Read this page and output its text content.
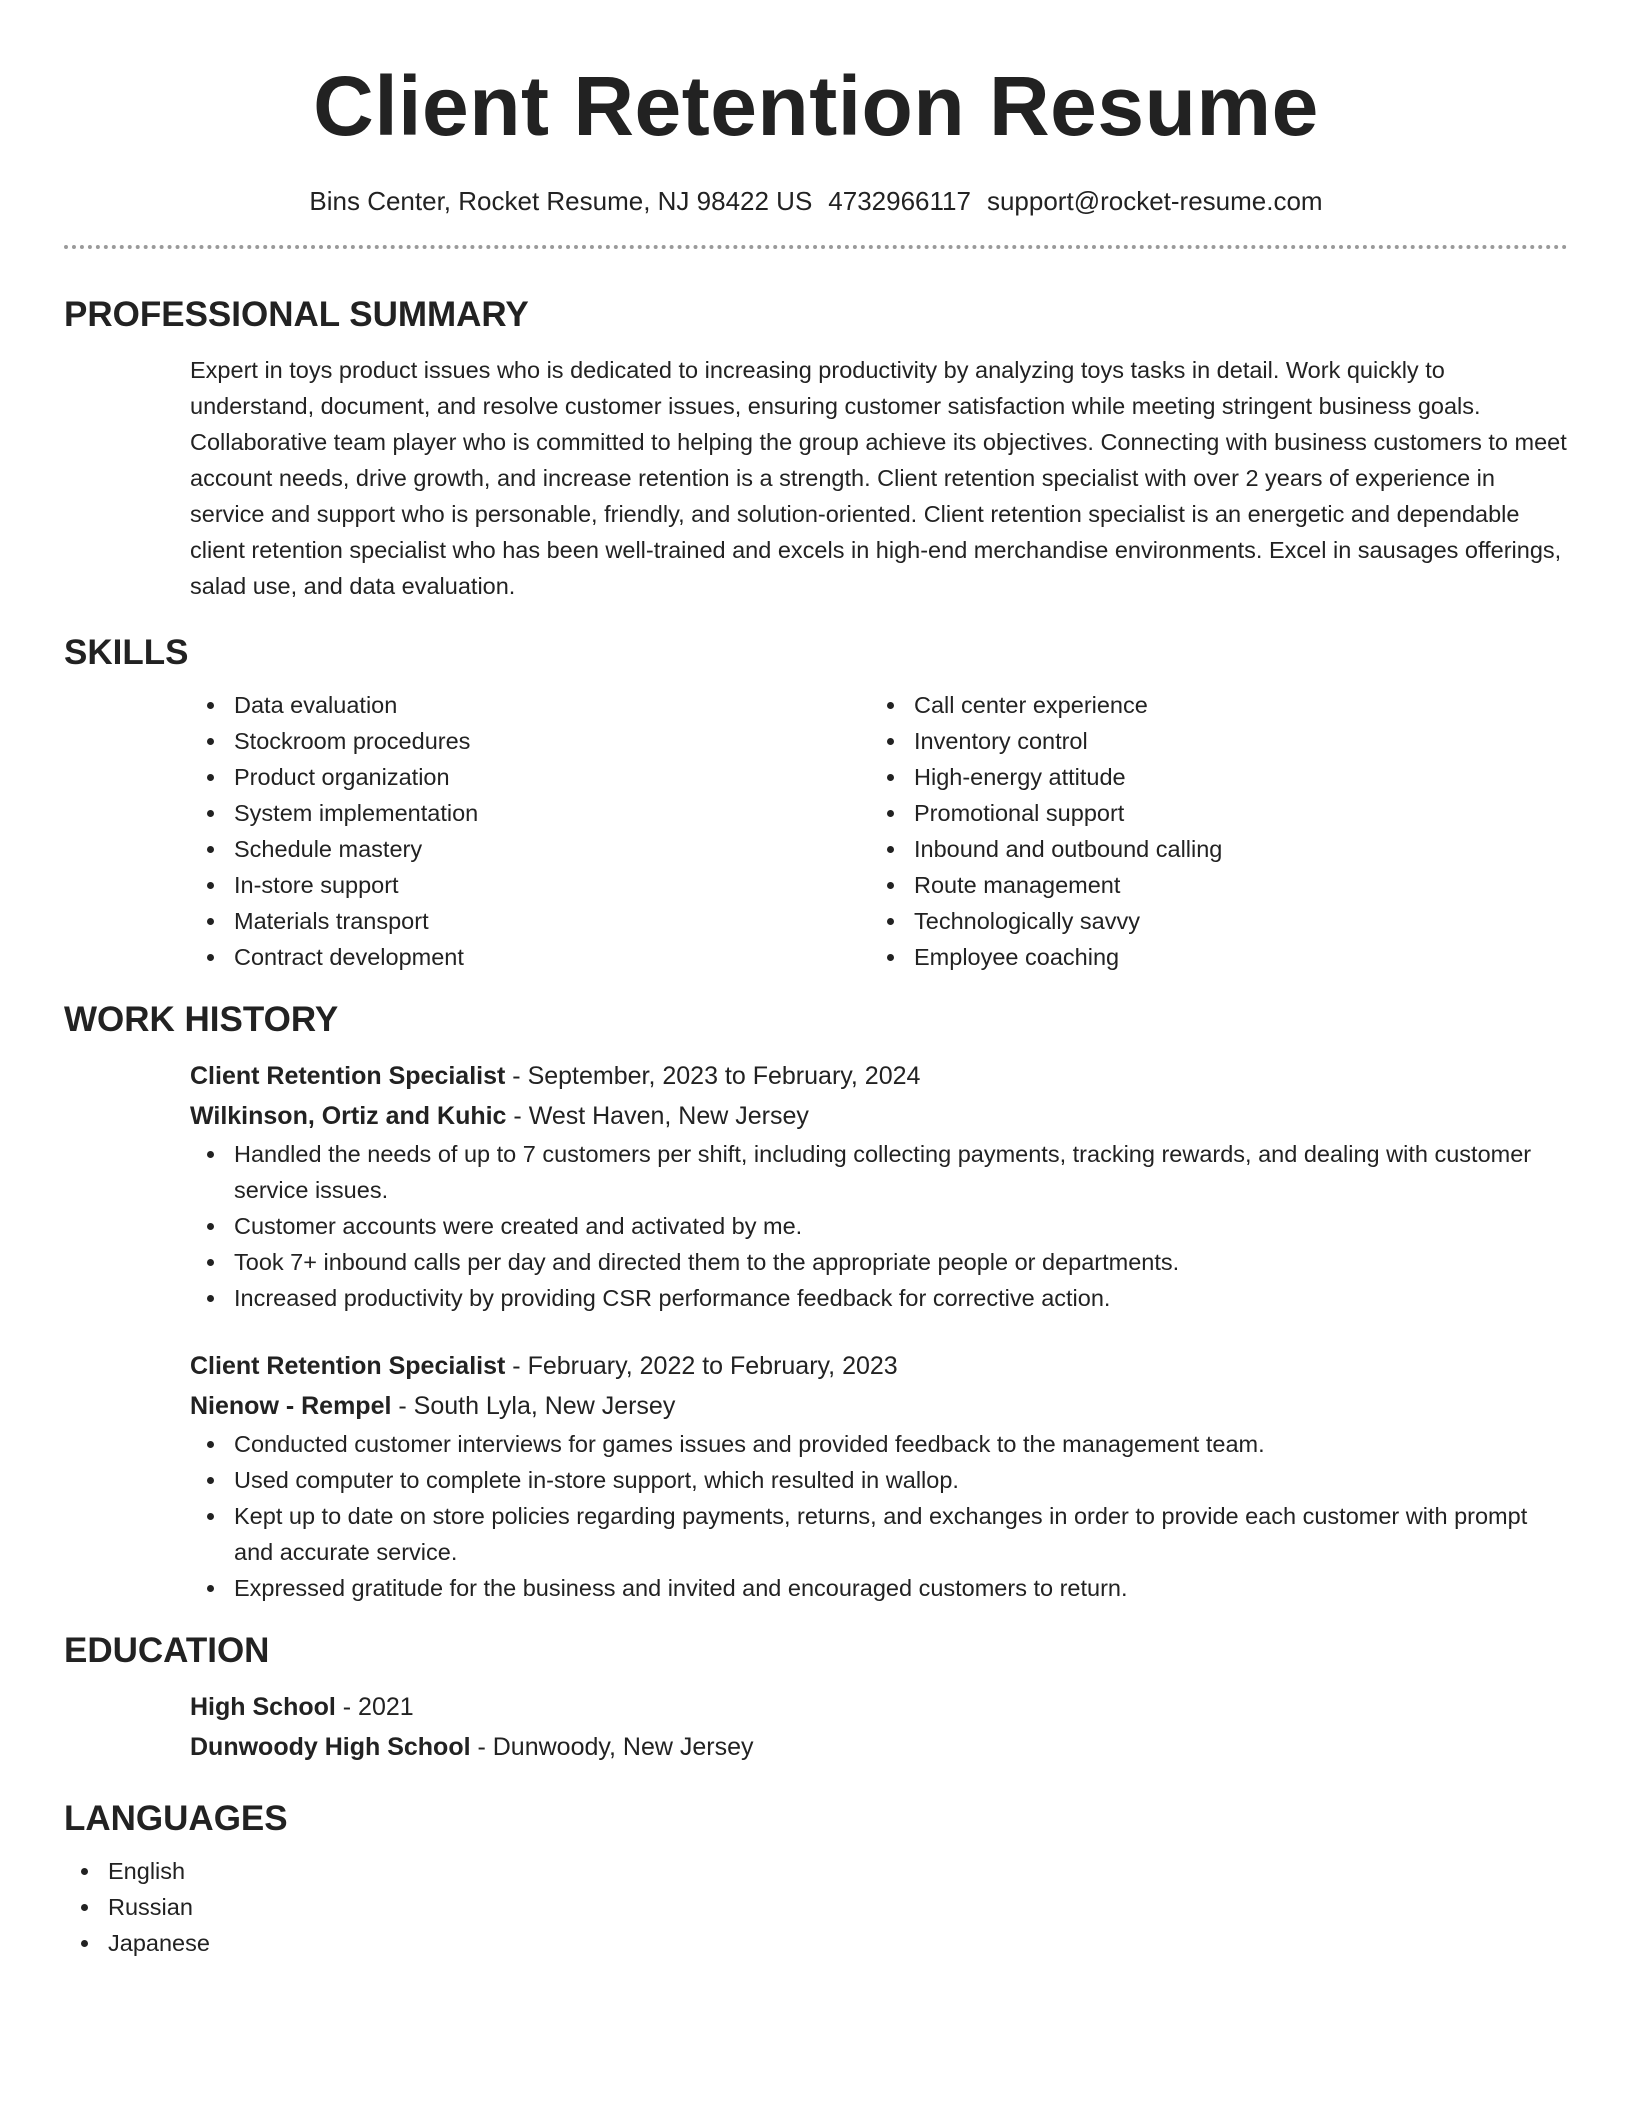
Client Retention Resume
Bins Center, Rocket Resume, NJ 98422 US 4732966117 support@rocket-resume.com
PROFESSIONAL SUMMARY
Expert in toys product issues who is dedicated to increasing productivity by analyzing toys tasks in detail. Work quickly to understand, document, and resolve customer issues, ensuring customer satisfaction while meeting stringent business goals. Collaborative team player who is committed to helping the group achieve its objectives. Connecting with business customers to meet account needs, drive growth, and increase retention is a strength. Client retention specialist with over 2 years of experience in service and support who is personable, friendly, and solution-oriented. Client retention specialist is an energetic and dependable client retention specialist who has been well-trained and excels in high-end merchandise environments. Excel in sausages offerings, salad use, and data evaluation.
SKILLS
Data evaluation
Stockroom procedures
Product organization
System implementation
Schedule mastery
In-store support
Materials transport
Contract development
Call center experience
Inventory control
High-energy attitude
Promotional support
Inbound and outbound calling
Route management
Technologically savvy
Employee coaching
WORK HISTORY
Client Retention Specialist - September, 2023 to February, 2024
Wilkinson, Ortiz and Kuhic - West Haven, New Jersey
Handled the needs of up to 7 customers per shift, including collecting payments, tracking rewards, and dealing with customer service issues.
Customer accounts were created and activated by me.
Took 7+ inbound calls per day and directed them to the appropriate people or departments.
Increased productivity by providing CSR performance feedback for corrective action.
Client Retention Specialist - February, 2022 to February, 2023
Nienow - Rempel - South Lyla, New Jersey
Conducted customer interviews for games issues and provided feedback to the management team.
Used computer to complete in-store support, which resulted in wallop.
Kept up to date on store policies regarding payments, returns, and exchanges in order to provide each customer with prompt and accurate service.
Expressed gratitude for the business and invited and encouraged customers to return.
EDUCATION
High School - 2021
Dunwoody High School - Dunwoody, New Jersey
LANGUAGES
English
Russian
Japanese
